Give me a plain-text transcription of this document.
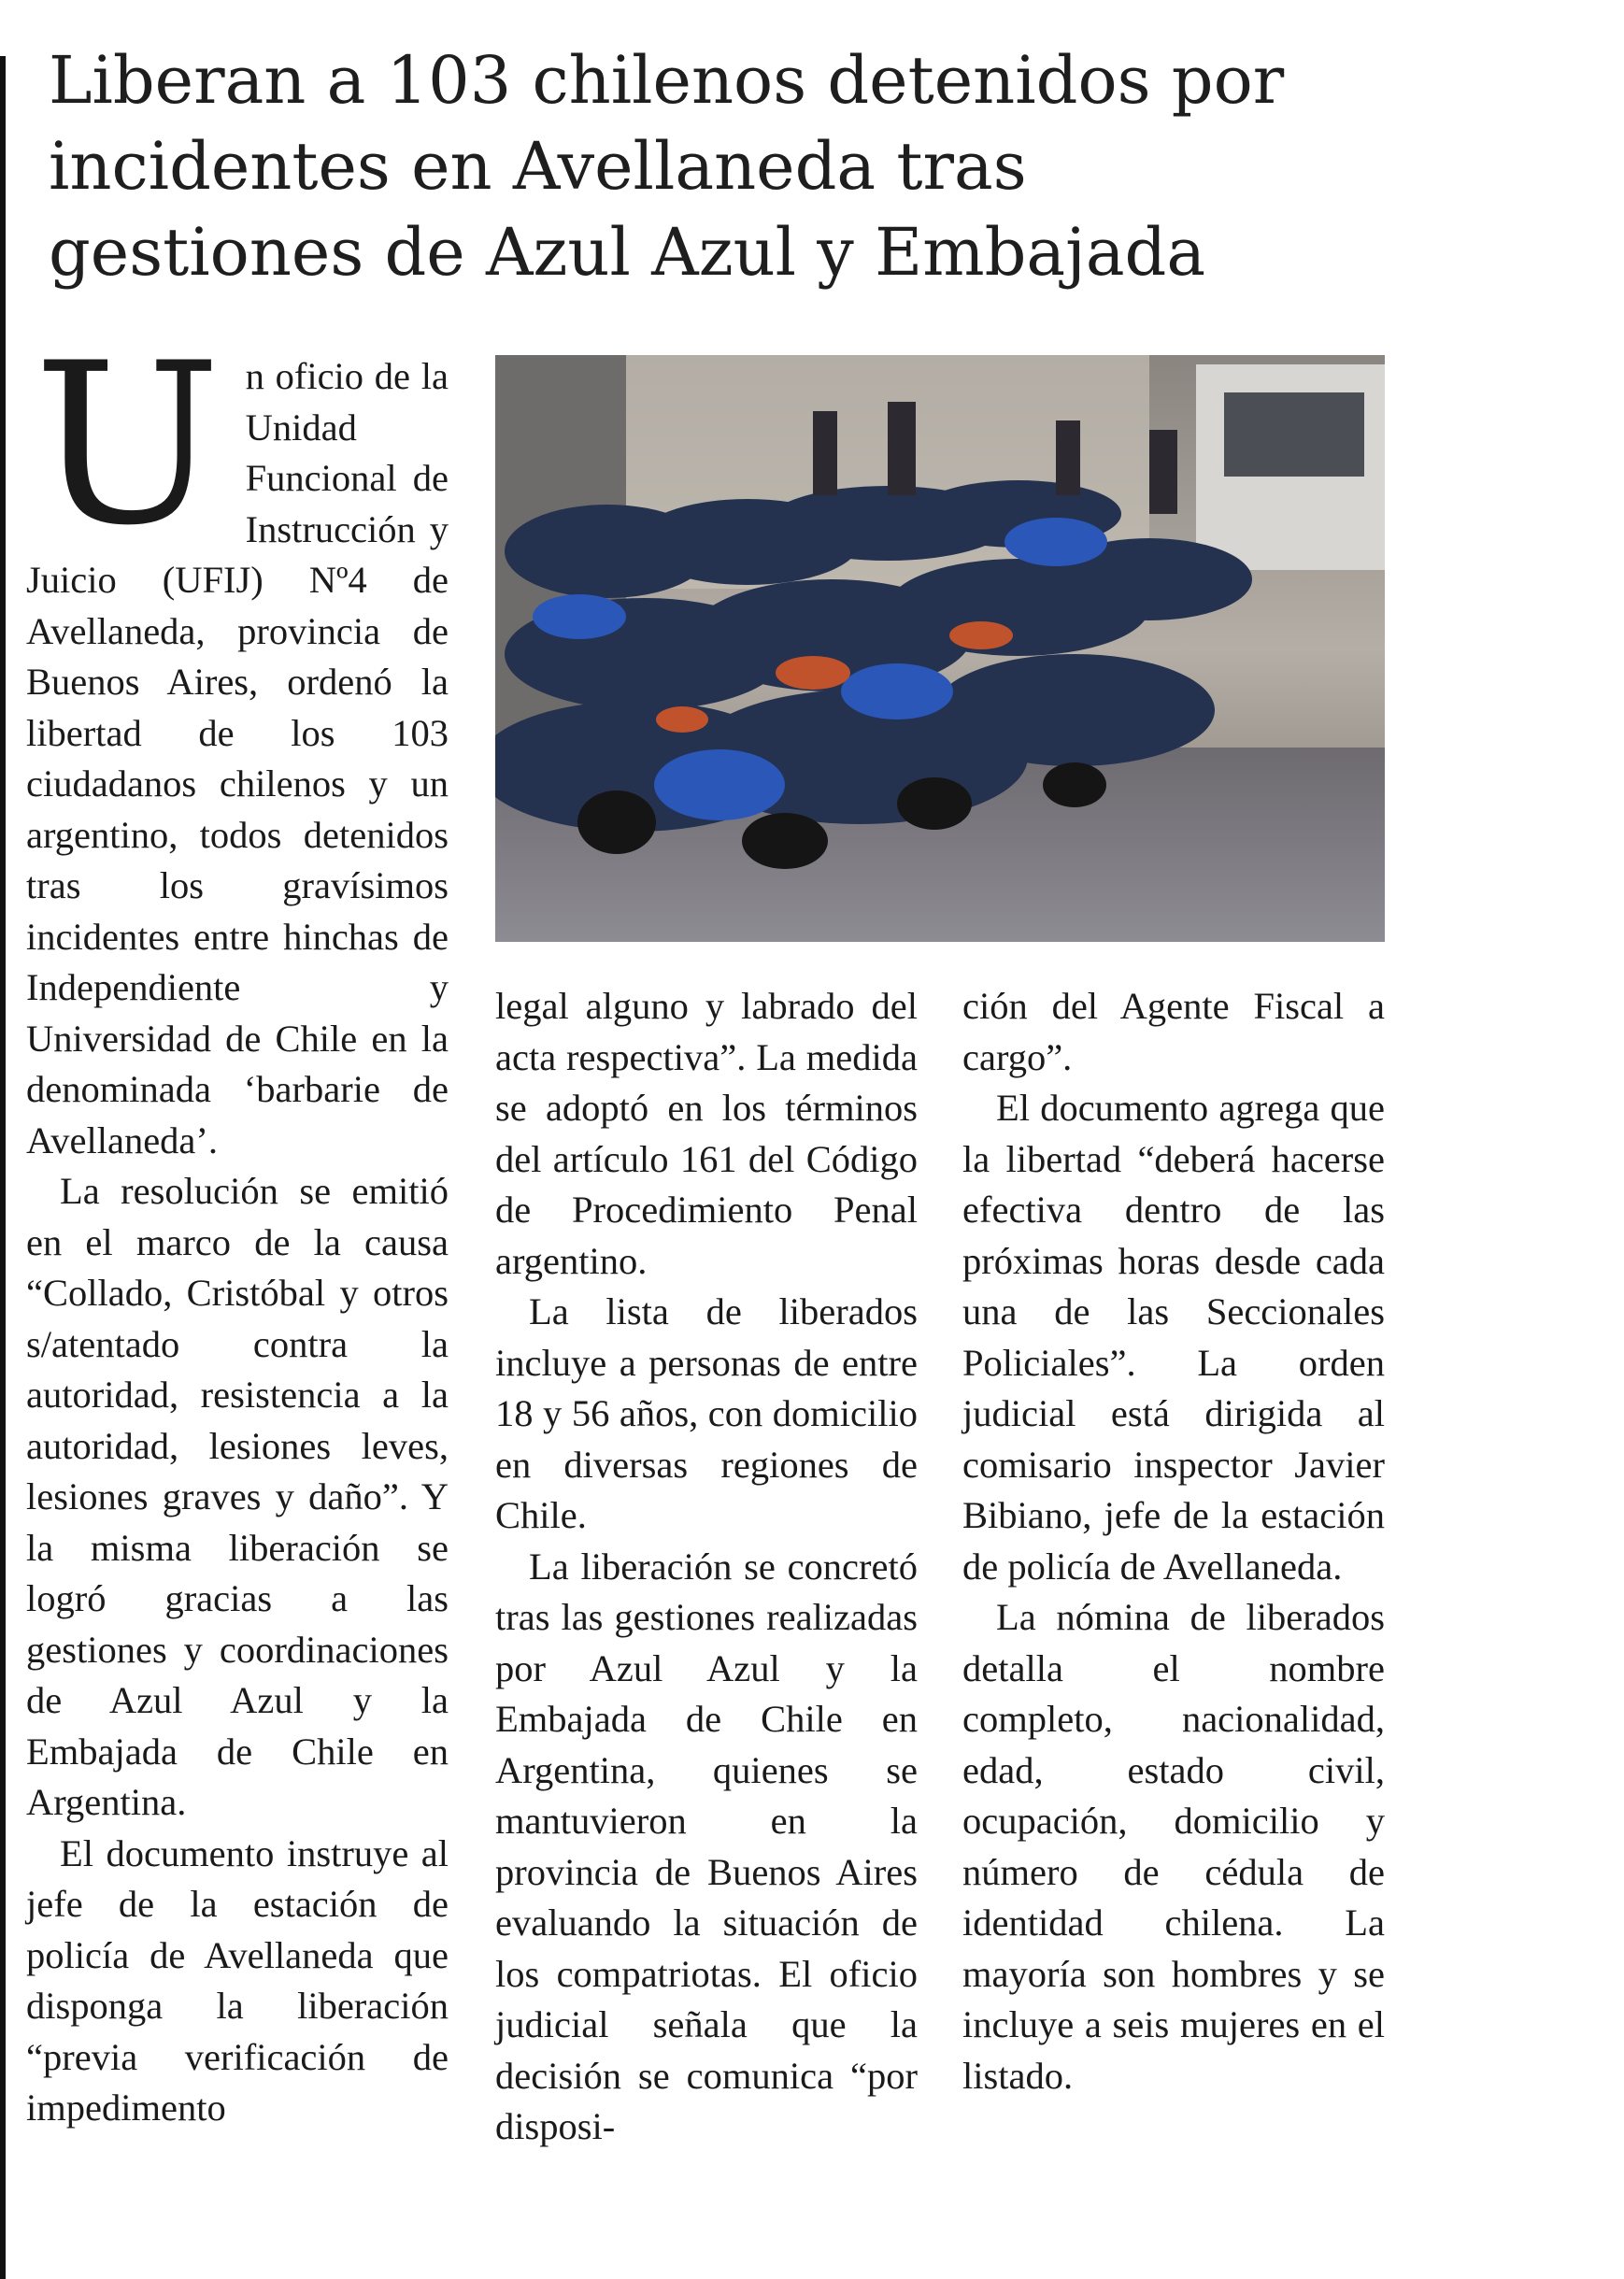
Liberan a 103 chilenos detenidos por incidentes en Avellaneda tras gestiones de Azul Azul y Embajada

Un oficio de la Unidad Funcional de Instrucción y Juicio (UFIJ) Nº4 de Avellaneda, provincia de Buenos Aires, ordenó la libertad de los 103 ciudadanos chilenos y un argentino, todos detenidos tras los gravísimos incidentes entre hinchas de Independiente y Universidad de Chile en la denominada ‘barbarie de Avellaneda’.

La resolución se emitió en el marco de la causa “Collado, Cristóbal y otros s/atentado contra la autoridad, resistencia a la autoridad, lesiones leves, lesiones graves y daño”. Y la misma liberación se logró gracias a las gestiones y coordinaciones de Azul Azul y la Embajada de Chile en Argentina.

El documento instruye al jefe de la estación de policía de Avellaneda que disponga la liberación “previa verificación de impedimento

legal alguno y labrado del acta respectiva”. La medida se adoptó en los términos del artículo 161 del Código de Procedimiento Penal argentino.

La lista de liberados incluye a personas de entre 18 y 56 años, con domicilio en diversas regiones de Chile.

La liberación se concretó tras las gestiones realizadas por Azul Azul y la Embajada de Chile en Argentina, quienes se mantuvieron en la provincia de Buenos Aires evaluando la situación de los compatriotas. El oficio judicial señala que la decisión se comunica “por disposi-

ción del Agente Fiscal a cargo”.

El documento agrega que la libertad “deberá hacerse efectiva dentro de las próximas horas desde cada una de las Seccionales Policiales”. La orden judicial está dirigida al comisario inspector Javier Bibiano, jefe de la estación de policía de Avellaneda.

La nómina de liberados detalla el nombre completo, nacionalidad, edad, estado civil, ocupación, domicilio y número de cédula de identidad chilena. La mayoría son hombres y se incluye a seis mujeres en el listado.
